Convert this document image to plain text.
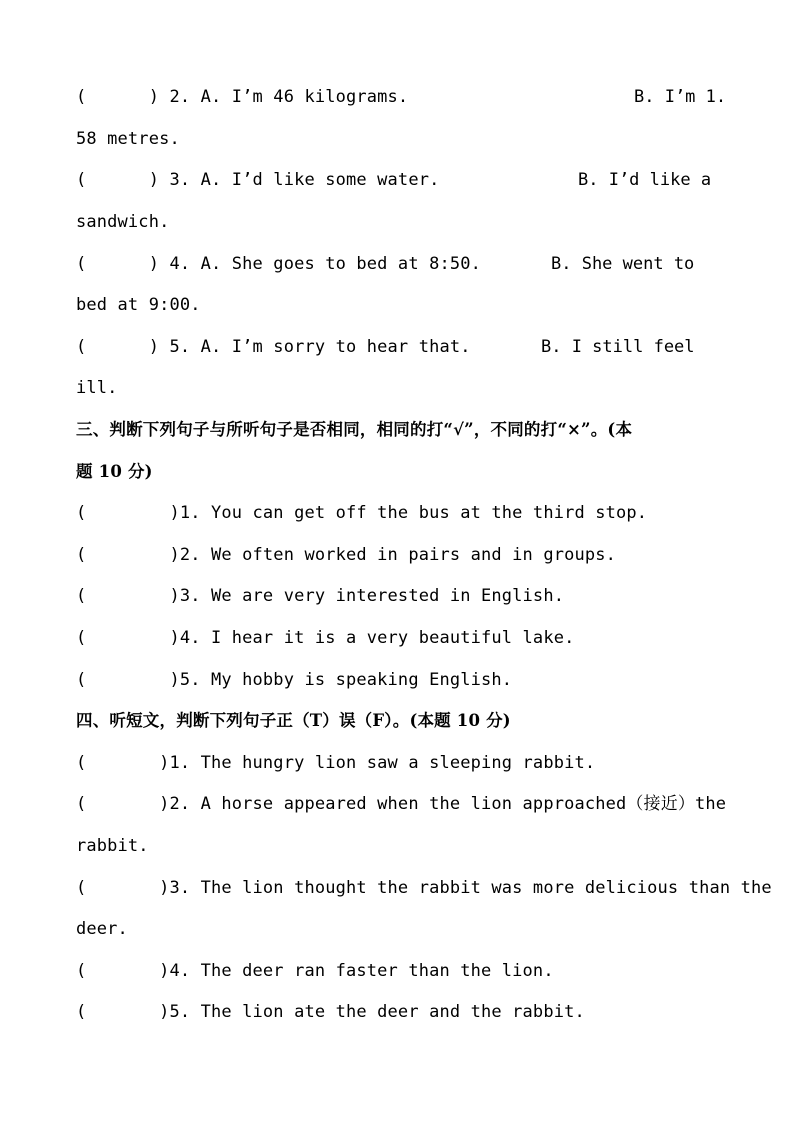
(      ) 2. A. I’m 46 kilograms.	B. I’m 1.
58 metres.
(      ) 3. A. I’d like some water.	B. I’d like a
sandwich.
(      ) 4. A. She goes to bed at 8:50.	B. She went to
bed at 9:00.
(      ) 5. A. I’m sorry to hear that.	B. I still feel
ill.
三、判断下列句子与所听句子是否相同，相同的打“√”，不同的打“×”。(本
题 10 分)
(        )1. You can get off the bus at the third stop.
(        )2. We often worked in pairs and in groups.
(        )3. We are very interested in English.
(        )4. I hear it is a very beautiful lake.
(        )5. My hobby is speaking English.
四、听短文，判断下列句子正（T）误（F）。(本题 10 分)
(       )1. The hungry lion saw a sleeping rabbit.
(       )2. A horse appeared when the lion approached（接近）the
rabbit.
(       )3. The lion thought the rabbit was more delicious than the
deer.
(       )4. The deer ran faster than the lion.
(       )5. The lion ate the deer and the rabbit.
